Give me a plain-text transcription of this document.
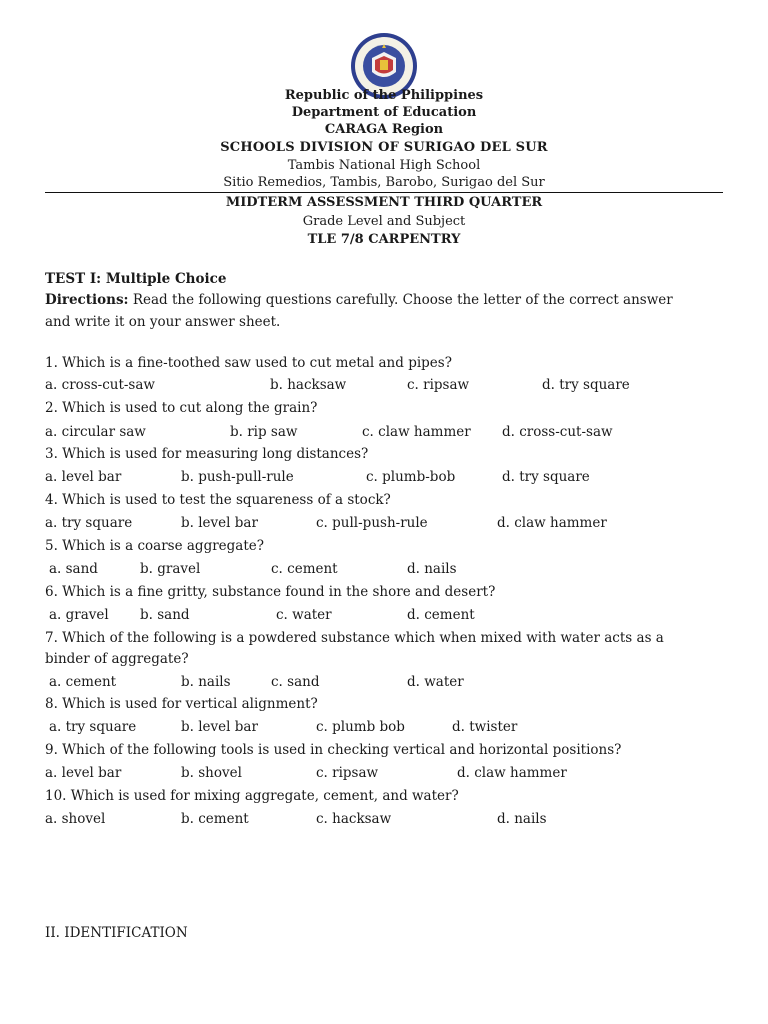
Republic of the Philippines
Department of Education
CARAGA Region
SCHOOLS DIVISION OF SURIGAO DEL SUR
Tambis National High School
Sitio Remedios, Tambis, Barobo, Surigao del Sur
MIDTERM ASSESSMENT THIRD QUARTER
Grade Level and Subject
TLE 7/8 CARPENTRY
TEST I: Multiple Choice
Directions: Read the following questions carefully. Choose the letter of the correct answer
and write it on your answer sheet.
1. Which is a fine-toothed saw used to cut metal and pipes?
a. cross-cut-saw	b. hacksaw	c. ripsaw	d. try square
2. Which is used to cut along the grain?
a. circular saw	b. rip saw	c. claw hammer d. cross-cut-saw
3. Which is used for measuring long distances?
a. level bar	b. push-pull-rule	c. plumb-bob	d. try square
4. Which is used to test the squareness of a stock?
a. try square	b. level bar	c. pull-push-rule	d. claw hammer
5. Which is a coarse aggregate?
a. sand	b. gravel	c. cement	d. nails
6. Which is a fine gritty, substance found in the shore and desert?
a. gravel b. sand	c. water	d. cement
7. Which of the following is a powdered substance which when mixed with water acts as a
binder of aggregate?
a. cement	b. nails	c. sand	d. water
8. Which is used for vertical alignment?
a. try square	b. level bar	c. plumb bob	d. twister
9. Which of the following tools is used in checking vertical and horizontal positions?
a. level bar	b. shovel	c. ripsaw	d. claw hammer
10. Which is used for mixing aggregate, cement, and water?
a. shovel	b. cement	c. hacksaw	d. nails
II. IDENTIFICATION
